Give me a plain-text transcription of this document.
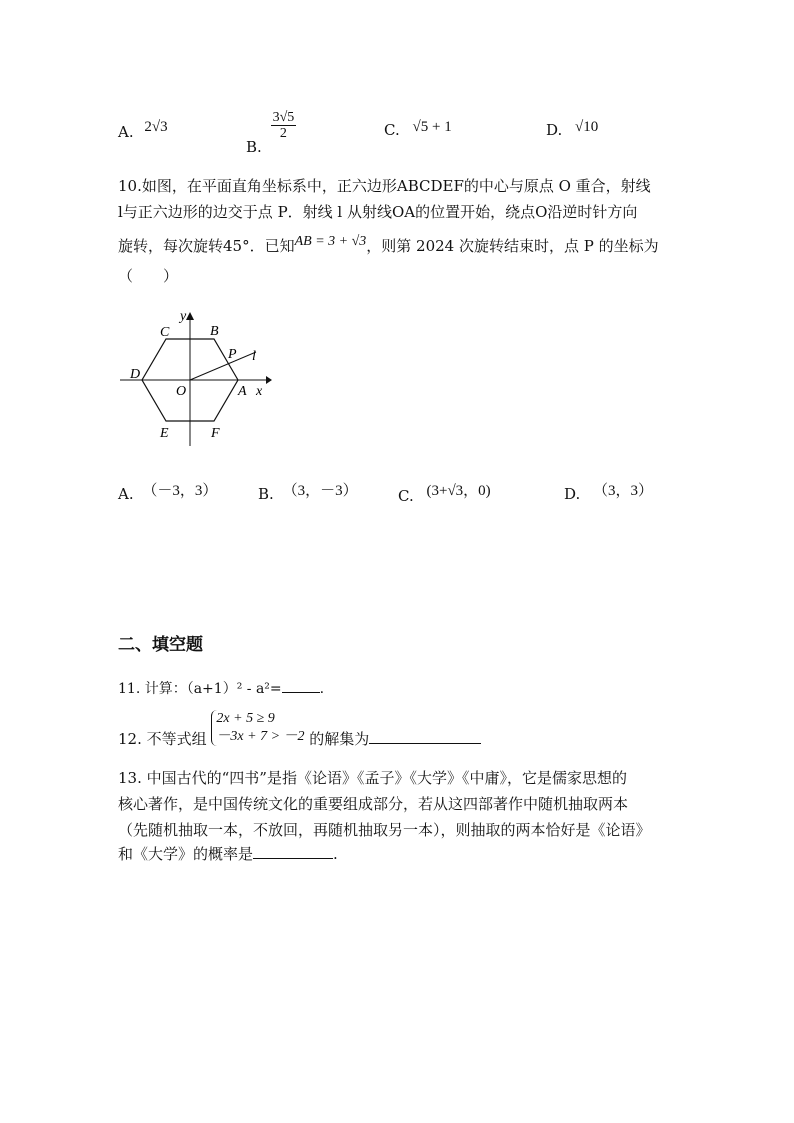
A. 2√3
B.
$\frac{3√5}{2}$	C. √5 + 1	D. √10
10.如图，在平面直角坐标系中，正六边形ABCDEF的中心与原点 O 重合，射线
l与正六边形的边交于点 P．射线 l 从射线OA的位置开始，绕点O沿逆时针方向
旋转，每次旋转45°．已知AB = 3 + √3，则第 2024 次旋转结束时，点 P 的坐标为
（　　）
C	B
y
P l
D
O	A x
E	F
A. （－3，3）	B. （3，－3）	C. (3+√3，0)	D. （3，3）
二、填空题
11. 计算：（a+1）² - a²=	.
12. 不等式组
2x + 5 ≥ 9
－3x + 7 > －2 的解集为
13. 中国古代的“四书”是指《论语》《孟子》《大学》《中庸》，它是儒家思想的
核心著作，是中国传统文化的重要组成部分，若从这四部著作中随机抽取两本
（先随机抽取一本，不放回，再随机抽取另一本），则抽取的两本恰好是《论语》
和《大学》的概率是	.
